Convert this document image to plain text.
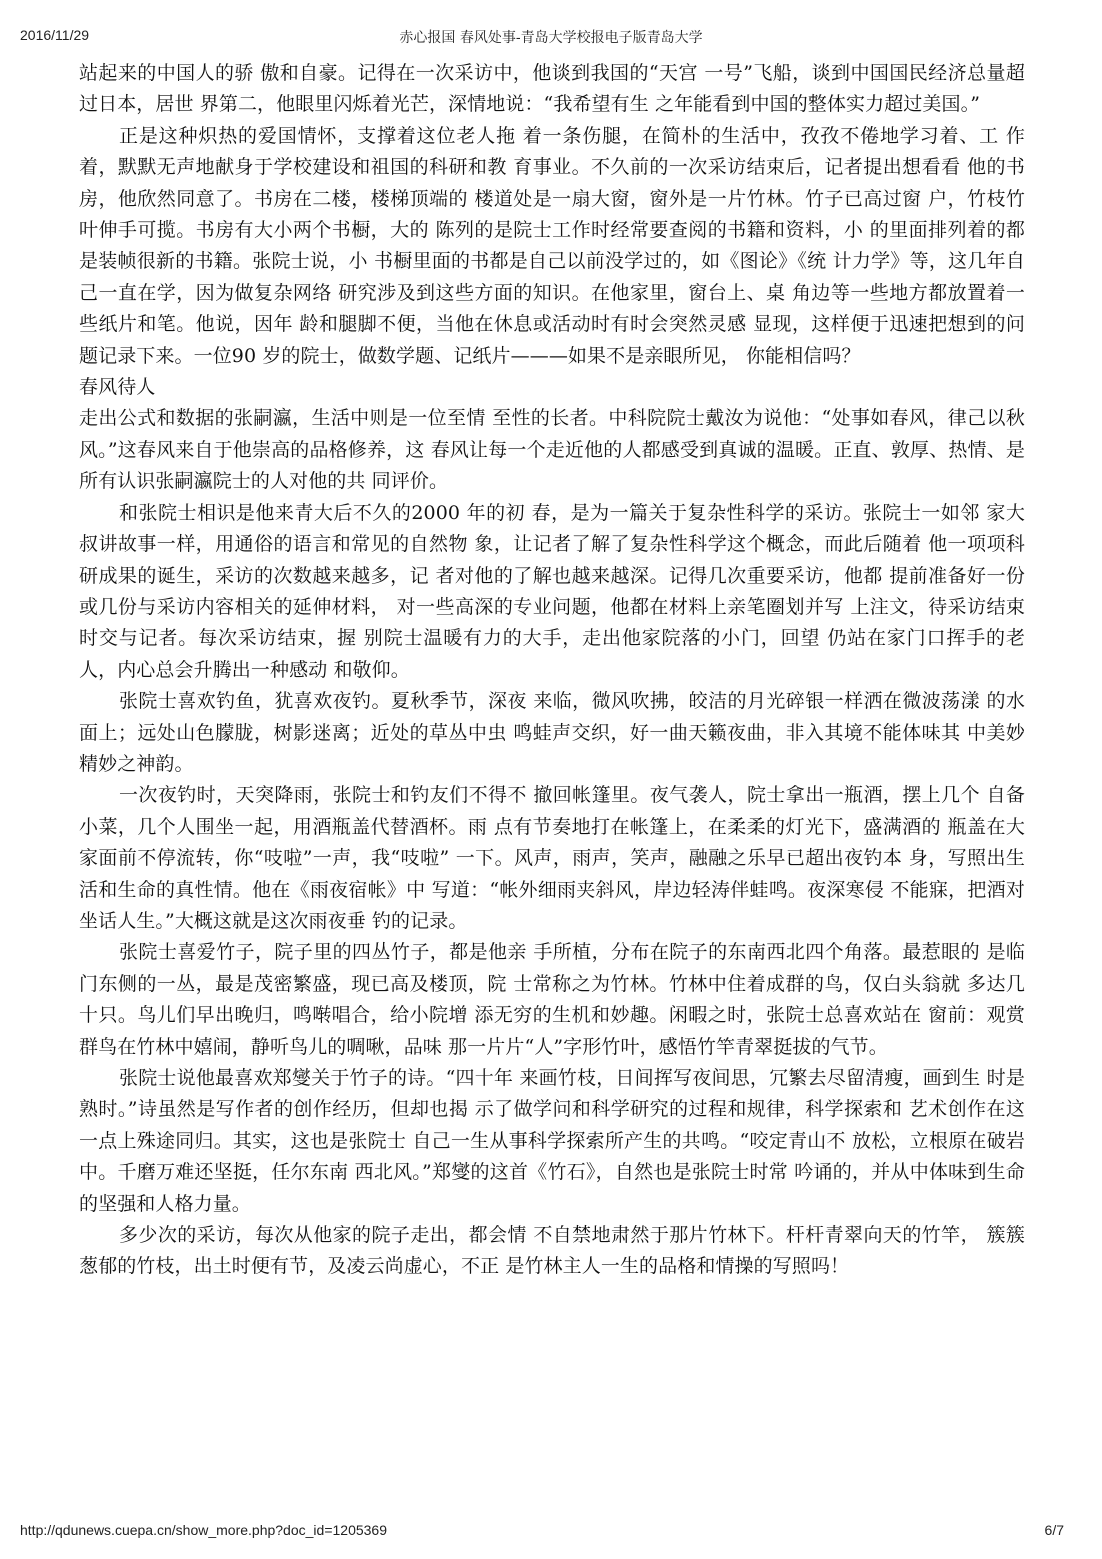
2016/11/29	赤心报国 春风处事-青岛大学校报电子版青岛大学

站起来的中国人的骄 傲和自豪。记得在一次采访中，他谈到我国的“天宫 一号”飞船，谈到中国国民经济总量超过日本，居世 界第二，他眼里闪烁着光芒，深情地说：“我希望有生 之年能看到中国的整体实力超过美国。”

正是这种炽热的爱国情怀，支撑着这位老人拖 着一条伤腿，在简朴的生活中，孜孜不倦地学习着、工 作着，默默无声地献身于学校建设和祖国的科研和教 育事业。不久前的一次采访结束后，记者提出想看看 他的书房，他欣然同意了。书房在二楼，楼梯顶端的 楼道处是一扇大窗，窗外是一片竹林。竹子已高过窗 户，竹枝竹叶伸手可揽。书房有大小两个书橱，大的 陈列的是院士工作时经常要查阅的书籍和资料，小 的里面排列着的都是装帧很新的书籍。张院士说，小 书橱里面的书都是自己以前没学过的，如《图论》《统 计力学》等，这几年自己一直在学，因为做复杂网络 研究涉及到这些方面的知识。在他家里，窗台上、桌 角边等一些地方都放置着一些纸片和笔。他说，因年 龄和腿脚不便，当他在休息或活动时有时会突然灵感 显现，这样便于迅速把想到的问题记录下来。一位90 岁的院士，做数学题、记纸片———如果不是亲眼所见， 你能相信吗？

春风待人

走出公式和数据的张嗣瀛，生活中则是一位至情 至性的长者。中科院院士戴汝为说他：“处事如春风，律己以秋风。”这春风来自于他崇高的品格修养，这 春风让每一个走近他的人都感受到真诚的温暖。正直、敦厚、热情、是所有认识张嗣瀛院士的人对他的共 同评价。

和张院士相识是他来青大后不久的2000 年的初 春，是为一篇关于复杂性科学的采访。张院士一如邻 家大叔讲故事一样，用通俗的语言和常见的自然物 象，让记者了解了复杂性科学这个概念，而此后随着 他一项项科研成果的诞生，采访的次数越来越多，记 者对他的了解也越来越深。记得几次重要采访，他都 提前准备好一份或几份与采访内容相关的延伸材料， 对一些高深的专业问题，他都在材料上亲笔圈划并写 上注文，待采访结束时交与记者。每次采访结束，握 别院士温暖有力的大手，走出他家院落的小门，回望 仍站在家门口挥手的老人，内心总会升腾出一种感动 和敬仰。

张院士喜欢钓鱼，犹喜欢夜钓。夏秋季节，深夜 来临，微风吹拂，皎洁的月光碎银一样洒在微波荡漾 的水面上；远处山色朦胧，树影迷离；近处的草丛中虫 鸣蛙声交织，好一曲天籁夜曲，非入其境不能体味其 中美妙精妙之神韵。

一次夜钓时，天突降雨，张院士和钓友们不得不 撤回帐篷里。夜气袭人，院士拿出一瓶酒，摆上几个 自备小菜，几个人围坐一起，用酒瓶盖代替酒杯。雨 点有节奏地打在帐篷上，在柔柔的灯光下，盛满酒的 瓶盖在大家面前不停流转，你“吱啦”一声，我“吱啦” 一下。风声，雨声，笑声，融融之乐早已超出夜钓本 身，写照出生活和生命的真性情。他在《雨夜宿帐》中 写道：“帐外细雨夹斜风，岸边轻涛伴蛙鸣。夜深寒侵 不能寐，把酒对坐话人生。”大概这就是这次雨夜垂 钓的记录。

张院士喜爱竹子，院子里的四丛竹子，都是他亲 手所植，分布在院子的东南西北四个角落。最惹眼的 是临门东侧的一丛，最是茂密繁盛，现已高及楼顶，院 士常称之为竹林。竹林中住着成群的鸟，仅白头翁就 多达几十只。鸟儿们早出晚归，鸣啭唱合，给小院增 添无穷的生机和妙趣。闲暇之时，张院士总喜欢站在 窗前：观赏群鸟在竹林中嬉闹，静听鸟儿的啁啾，品味 那一片片“人”字形竹叶，感悟竹竿青翠挺拔的气节。

张院士说他最喜欢郑燮关于竹子的诗。“四十年 来画竹枝，日间挥写夜间思，冗繁去尽留清瘦，画到生 时是熟时。”诗虽然是写作者的创作经历，但却也揭 示了做学问和科学研究的过程和规律，科学探索和 艺术创作在这一点上殊途同归。其实，这也是张院士 自己一生从事科学探索所产生的共鸣。“咬定青山不 放松，立根原在破岩中。千磨万难还坚挺，任尔东南 西北风。”郑燮的这首《竹石》，自然也是张院士时常 吟诵的，并从中体味到生命的坚强和人格力量。

多少次的采访，每次从他家的院子走出，都会情 不自禁地肃然于那片竹林下。杆杆青翠向天的竹竿， 簇簇葱郁的竹枝，出土时便有节，及凌云尚虚心，不正 是竹林主人一生的品格和情操的写照吗！

http://qdunews.cuepa.cn/show_more.php?doc_id=1205369	6/7
